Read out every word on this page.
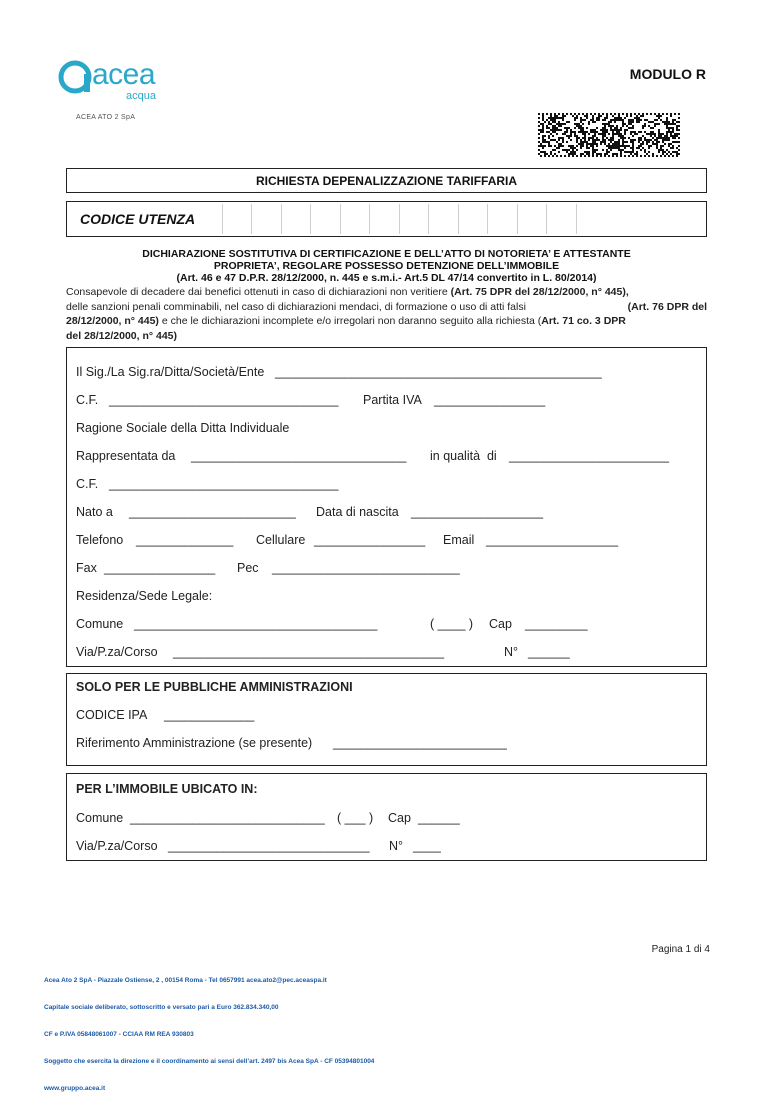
acea
acqua
ACEA ATO 2 SpA
MODULO R
RICHIESTA DEPENALIZZAZIONE TARIFFARIA
CODICE UTENZA
DICHIARAZIONE SOSTITUTIVA DI CERTIFICAZIONE E DELL’ATTO DI NOTORIETA’ E ATTESTANTE
PROPRIETA’, REGOLARE POSSESSO DETENZIONE DELL’IMMOBILE
(Art. 46 e 47 D.P.R. 28/12/2000, n. 445 e s.m.i.- Art.5 DL 47/14 convertito in L. 80/2014)
Consapevole di decadere dai benefici ottenuti in caso di dichiarazioni non veritiere (Art. 75 DPR del 28/12/2000, n° 445),
delle sanzioni penali comminabili, nel caso di dichiarazioni mendaci, di formazione o uso di atti falsi	(Art. 76 DPR del
28/12/2000, n° 445) e che le dichiarazioni incomplete e/o irregolari non daranno seguito alla richiesta (Art. 71 co. 3 DPR
del 28/12/2000, n° 445)
Il Sig./La Sig.ra/Ditta/Società/Ente _______________________________________________
C.F. _________________________________ Partita IVA ________________
Ragione Sociale della Ditta Individuale
Rappresentata da _______________________________ in qualità  di _______________________
C.F. _________________________________
Nato a ________________________ Data di nascita ___________________
Telefono ______________ Cellulare ________________ Email ___________________
Fax ________________ Pec ___________________________
Residenza/Sede Legale:
Comune ___________________________________	( ____ ) Cap _________
Via/P.za/Corso _______________________________________	N° ______
SOLO PER LE PUBBLICHE AMMINISTRAZIONI
CODICE IPA _____________
Riferimento Amministrazione (se presente) _________________________
PER L’IMMOBILE UBICATO IN:
Comune ____________________________ ( ___ ) Cap ______
Via/P.za/Corso _____________________________ N° ____
Pagina 1 di 4

Acea Ato 2 SpA - Piazzale Ostiense, 2 , 00154 Roma - Tel 0657991 acea.ato2@pec.aceaspa.it

Capitale sociale deliberato, sottoscritto e versato pari a Euro 362.834.340,00

CF e P.IVA 05848061007 - CCIAA RM REA 930803

Soggetto che esercita la direzione e il coordinamento ai sensi dell’art. 2497 bis Acea SpA - CF 05394801004

www.gruppo.acea.it
